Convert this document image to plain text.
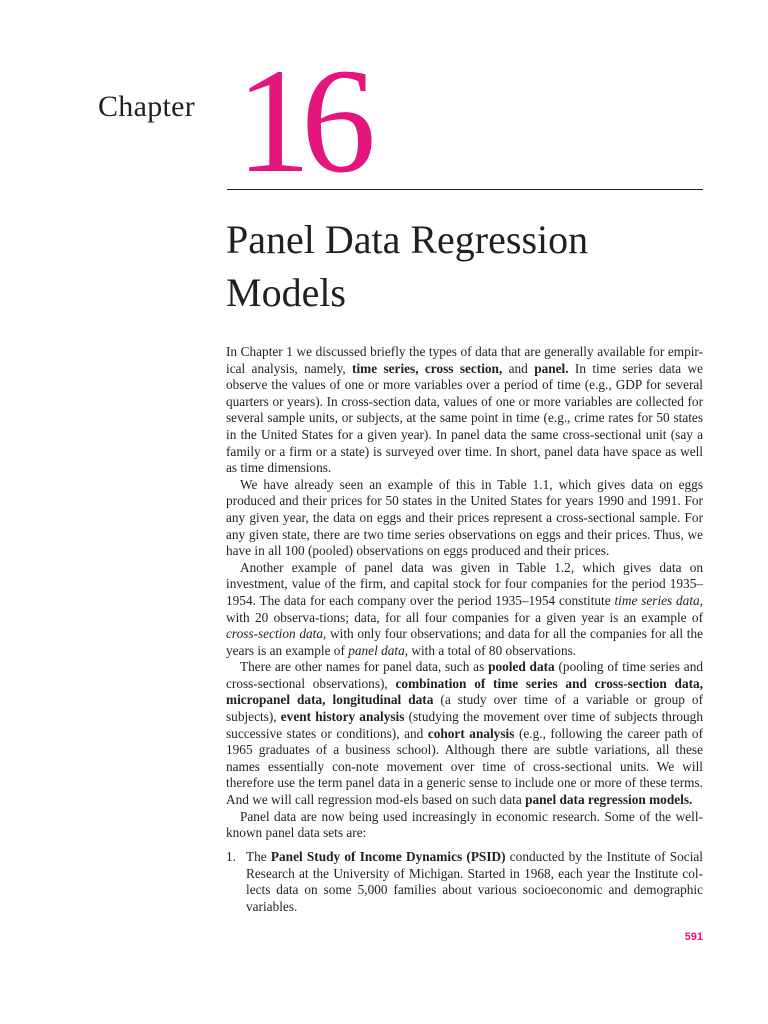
Chapter 16
Panel Data Regression
Models

In Chapter 1 we discussed briefly the types of data that are generally available for empir-ical analysis, namely, time series, cross section, and panel. In time series data we observe the values of one or more variables over a period of time (e.g., GDP for several quarters or years). In cross-section data, values of one or more variables are collected for several sample units, or subjects, at the same point in time (e.g., crime rates for 50 states in the United States for a given year). In panel data the same cross-sectional unit (say a family or a firm or a state) is surveyed over time. In short, panel data have space as well as time dimensions.

We have already seen an example of this in Table 1.1, which gives data on eggs produced and their prices for 50 states in the United States for years 1990 and 1991. For any given year, the data on eggs and their prices represent a cross-sectional sample. For any given state, there are two time series observations on eggs and their prices. Thus, we have in all 100 (pooled) observations on eggs produced and their prices.

Another example of panel data was given in Table 1.2, which gives data on investment, value of the firm, and capital stock for four companies for the period 1935–1954. The data for each company over the period 1935–1954 constitute time series data, with 20 observa-tions; data, for all four companies for a given year is an example of cross-section data, with only four observations; and data for all the companies for all the years is an example of panel data, with a total of 80 observations.

There are other names for panel data, such as pooled data (pooling of time series and cross-sectional observations), combination of time series and cross-section data, micropanel data, longitudinal data (a study over time of a variable or group of subjects), event history analysis (studying the movement over time of subjects through successive states or conditions), and cohort analysis (e.g., following the career path of 1965 graduates of a business school). Although there are subtle variations, all these names essentially con-note movement over time of cross-sectional units. We will therefore use the term panel data in a generic sense to include one or more of these terms. And we will call regression mod-els based on such data panel data regression models.

Panel data are now being used increasingly in economic research. Some of the well-known panel data sets are:

1. The Panel Study of Income Dynamics (PSID) conducted by the Institute of Social Research at the University of Michigan. Started in 1968, each year the Institute col-lects data on some 5,000 families about various socioeconomic and demographic variables.
591
